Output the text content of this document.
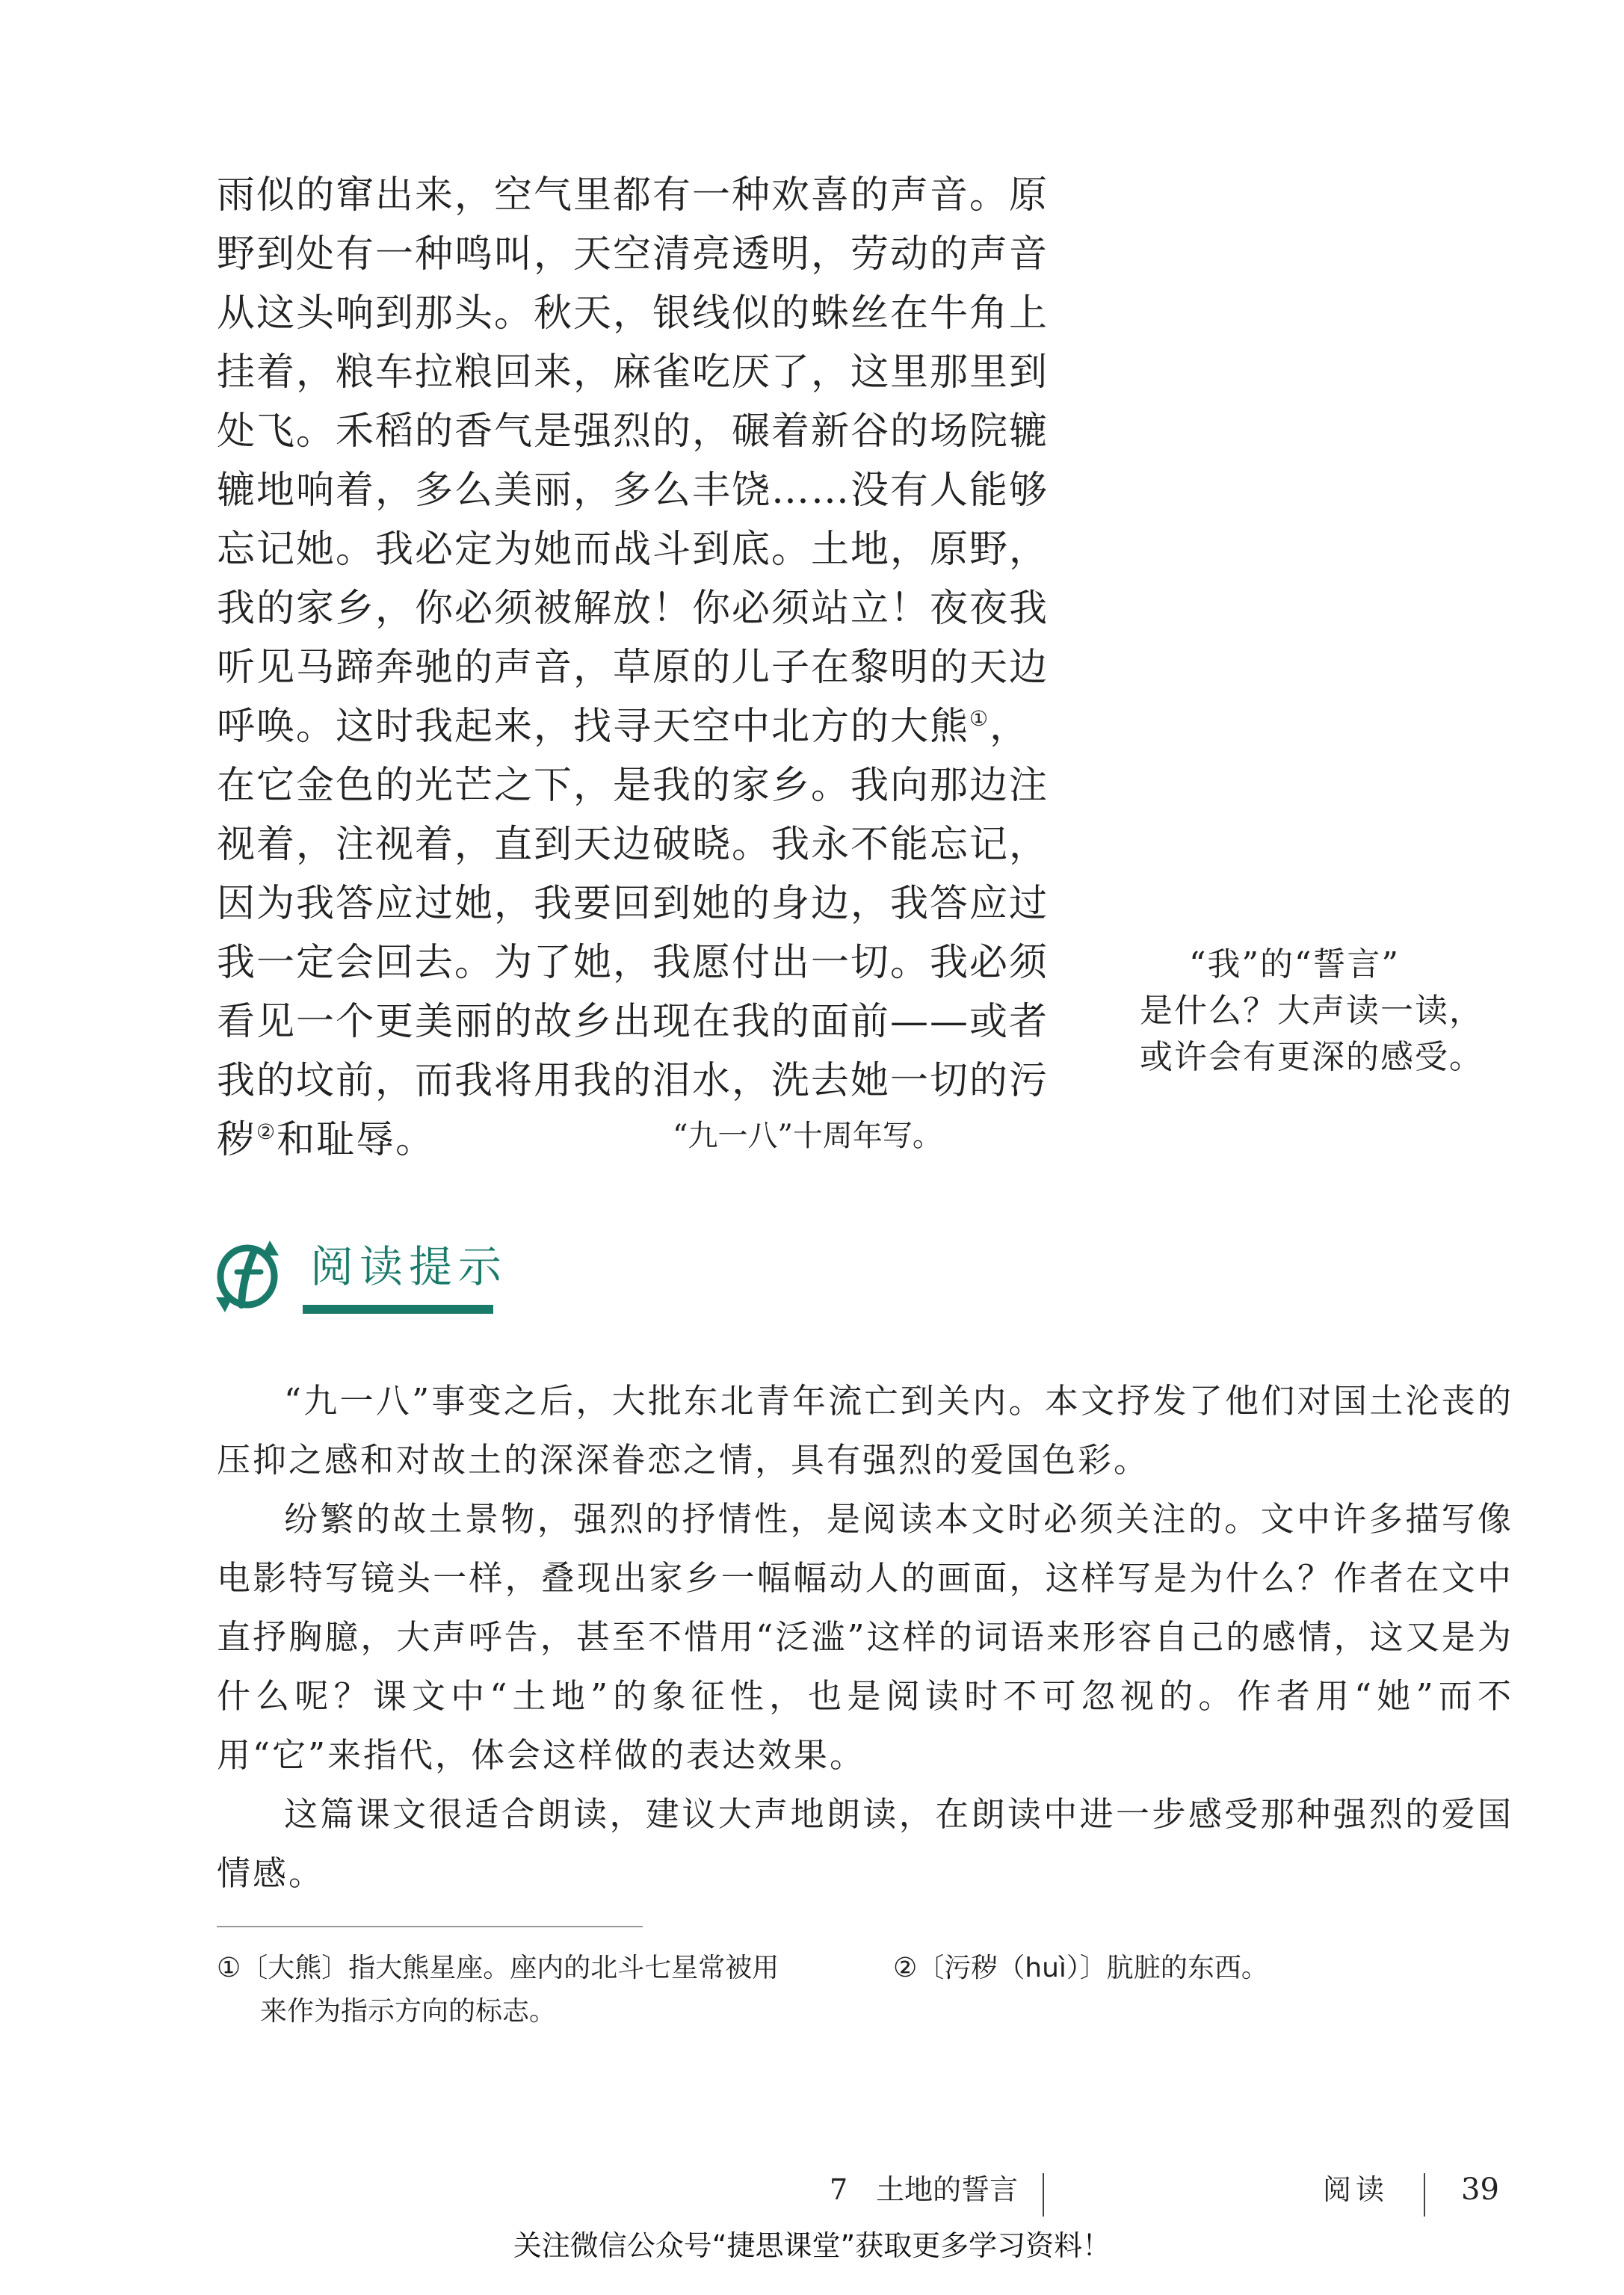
雨似的窜出来，空气里都有一种欢喜的声音。原野到处有一种鸣叫，天空清亮透明，劳动的声音从这头响到那头。秋天，银线似的蛛丝在牛角上挂着，粮车拉粮回来，麻雀吃厌了，这里那里到处飞。禾稻的香气是强烈的，碾着新谷的场院辘辘地响着，多么美丽，多么丰饶……没有人能够忘记她。我必定为她而战斗到底。土地，原野，我的家乡，你必须被解放！你必须站立！夜夜我听见马蹄奔驰的声音，草原的儿子在黎明的天边呼唤。这时我起来，找寻天空中北方的大熊①，在它金色的光芒之下，是我的家乡。我向那边注视着，注视着，直到天边破晓。我永不能忘记，因为我答应过她，我要回到她的身边，我答应过我一定会回去。为了她，我愿付出一切。我必须看见一个更美丽的故乡出现在我的面前——或者我的坟前，而我将用我的泪水，洗去她一切的污秽②和耻辱。	“九一八”十周年写。

“我”的“誓言”

是什么？大声读一读，

或许会有更深的感受。

阅读提示

“九一八”事变之后，大批东北青年流亡到关内。本文抒发了他们对国土沦丧的压抑之感和对故土的深深眷恋之情，具有强烈的爱国色彩。

纷繁的故土景物，强烈的抒情性，是阅读本文时必须关注的。文中许多描写像电影特写镜头一样，叠现出家乡一幅幅动人的画面，这样写是为什么？作者在文中直抒胸臆，大声呼告，甚至不惜用“泛滥”这样的词语来形容自己的感情，这又是为什么呢？课文中“土地”的象征性，也是阅读时不可忽视的。作者用“她”而不用“它”来指代，体会这样做的表达效果。

这篇课文很适合朗读，建议大声地朗读，在朗读中进一步感受那种强烈的爱国情感。

①〔大熊〕指大熊星座。座内的北斗七星常被用
来作为指示方向的标志。
②〔污秽（huì）〕肮脏的东西。
7　土地的誓言	阅读 39
关注微信公众号“捷思课堂”获取更多学习资料！
